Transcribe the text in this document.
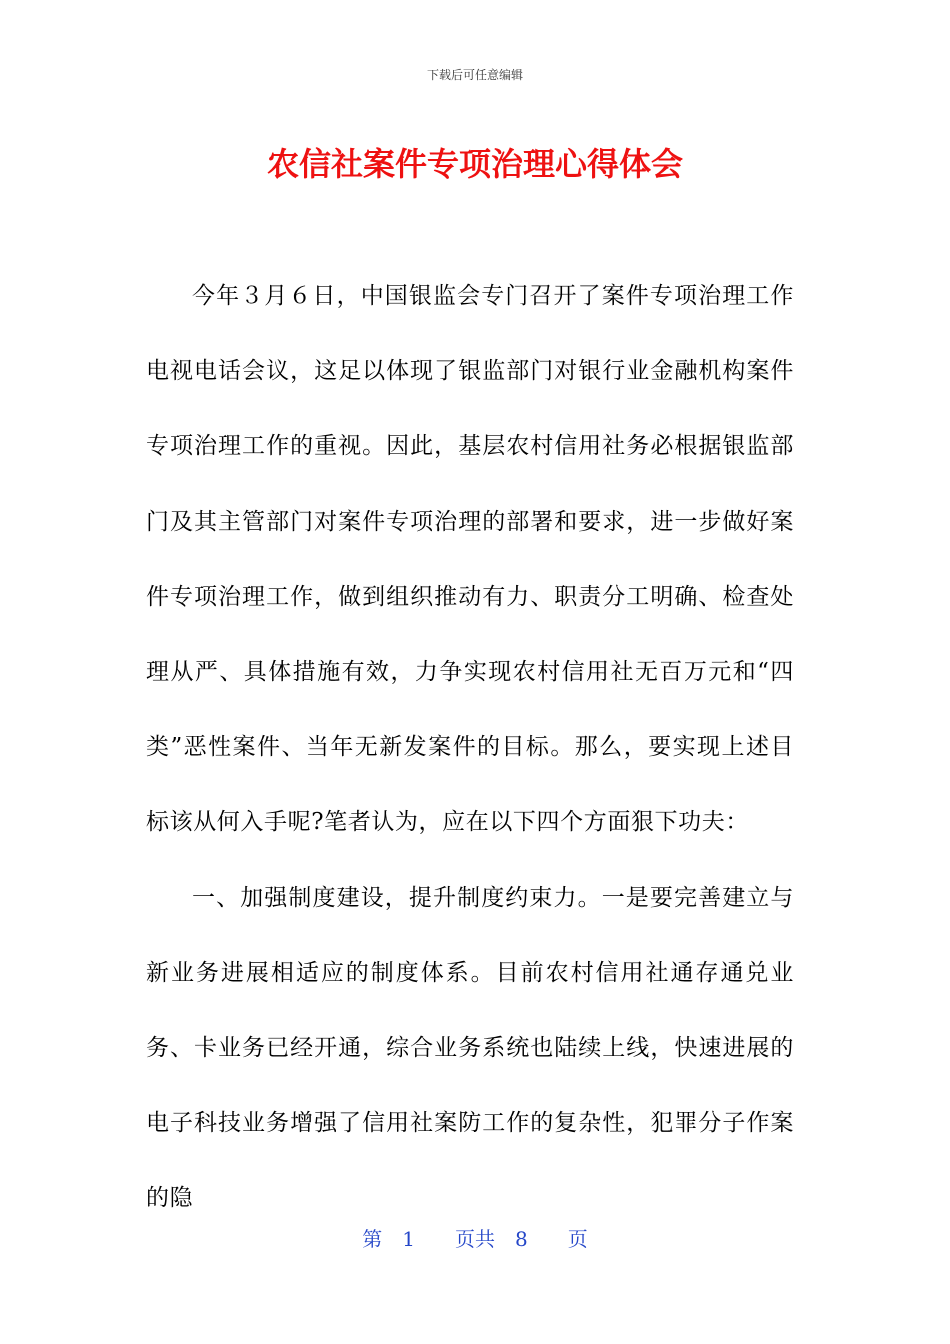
下载后可任意编辑
农信社案件专项治理心得体会

今年３月６日，中国银监会专门召开了案件专项治理工作电视电话会议，这足以体现了银监部门对银行业金融机构案件专项治理工作的重视。因此，基层农村信用社务必根据银监部门及其主管部门对案件专项治理的部署和要求，进一步做好案件专项治理工作，做到组织推动有力、职责分工明确、检查处理从严、具体措施有效，力争实现农村信用社无百万元和“四类”恶性案件、当年无新发案件的目标。那么，要实现上述目标该从何入手呢?笔者认为，应在以下四个方面狠下功夫：

一、加强制度建设，提升制度约束力。一是要完善建立与新业务进展相适应的制度体系。目前农村信用社通存通兑业务、卡业务已经开通，综合业务系统也陆续上线，快速进展的电子科技业务增强了信用社案防工作的复杂性，犯罪分子作案的隐

第　1　　页共　8　　页
